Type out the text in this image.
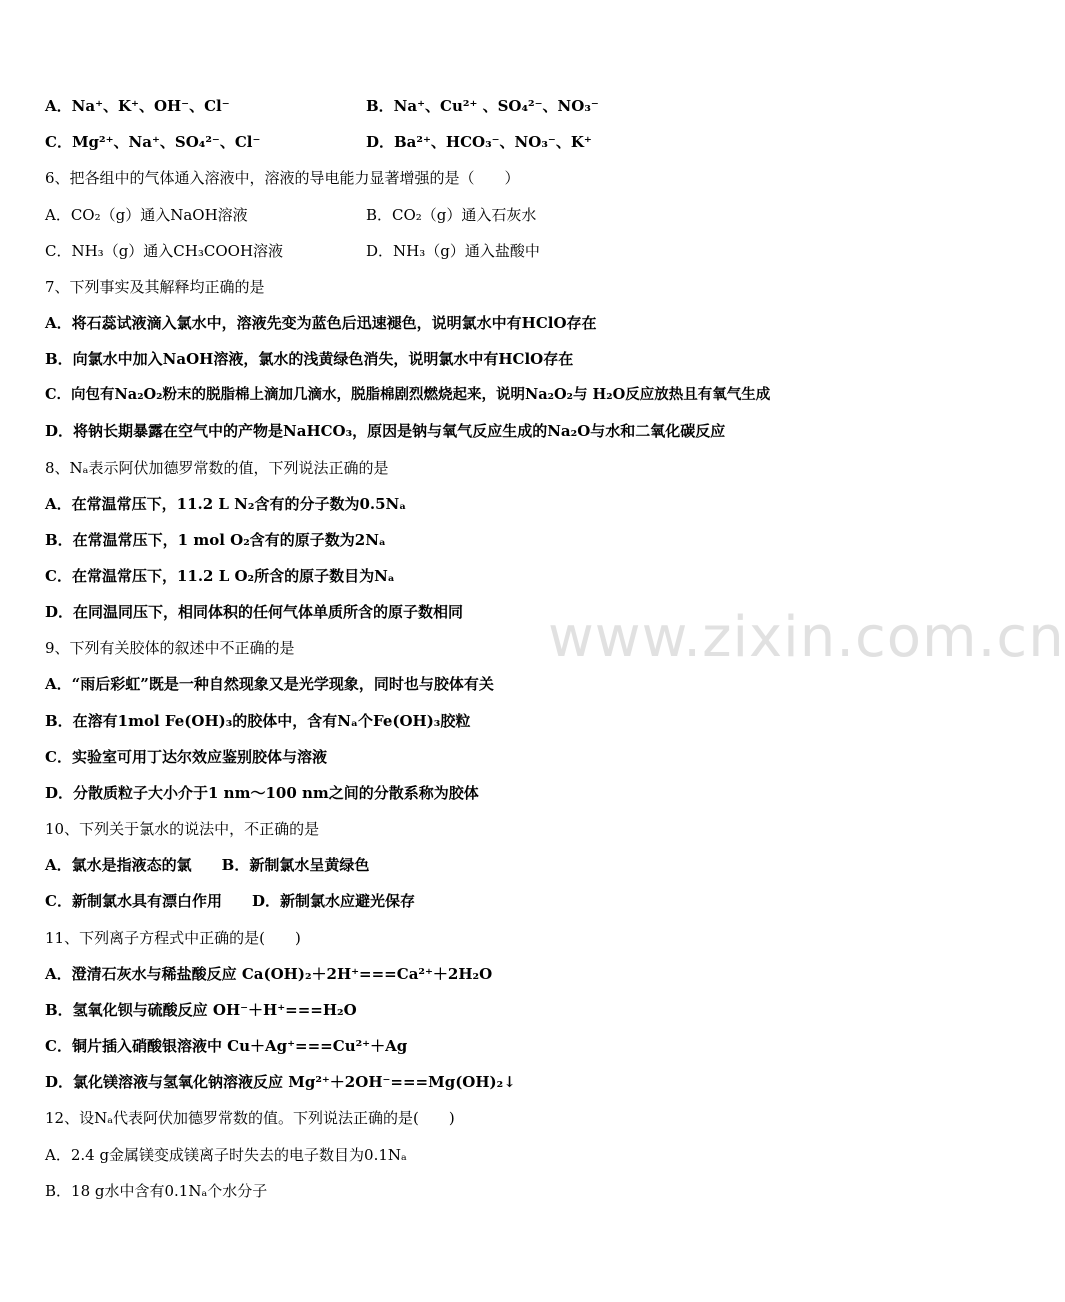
www.zixin.com.cn
A．Na⁺、K⁺、OH⁻、Cl⁻	B．Na⁺、Cu²⁺ 、SO₄²⁻、NO₃⁻
C．Mg²⁺、Na⁺、SO₄²⁻、Cl⁻	D．Ba²⁺、HCO₃⁻、NO₃⁻、K⁺
6、把各组中的气体通入溶液中，溶液的导电能力显著增强的是（　　）
A．CO₂（g）通入NaOH溶液	B．CO₂（g）通入石灰水
C．NH₃（g）通入CH₃COOH溶液	D．NH₃（g）通入盐酸中
7、下列事实及其解释均正确的是
A．将石蕊试液滴入氯水中，溶液先变为蓝色后迅速褪色，说明氯水中有HClO存在
B．向氯水中加入NaOH溶液，氯水的浅黄绿色消失，说明氯水中有HClO存在
C．向包有Na₂O₂粉末的脱脂棉上滴加几滴水，脱脂棉剧烈燃烧起来，说明Na₂O₂与 H₂O反应放热且有氧气生成
D．将钠长期暴露在空气中的产物是NaHCO₃，原因是钠与氧气反应生成的Na₂O与水和二氧化碳反应
8、Nₐ表示阿伏加德罗常数的值，下列说法正确的是
A．在常温常压下，11.2 L N₂含有的分子数为0.5Nₐ
B．在常温常压下，1 mol O₂含有的原子数为2Nₐ
C．在常温常压下，11.2 L O₂所含的原子数目为Nₐ
D．在同温同压下，相同体积的任何气体单质所含的原子数相同
9、下列有关胶体的叙述中不正确的是
A．“雨后彩虹”既是一种自然现象又是光学现象，同时也与胶体有关
B．在溶有1mol Fe(OH)₃的胶体中，含有Nₐ个Fe(OH)₃胶粒
C．实验室可用丁达尔效应鉴别胶体与溶液
D．分散质粒子大小介于1 nm～100 nm之间的分散系称为胶体
10、下列关于氯水的说法中，不正确的是
A．氯水是指液态的氯　　B．新制氯水呈黄绿色
C．新制氯水具有漂白作用　　D．新制氯水应避光保存
11、下列离子方程式中正确的是(　　)
A．澄清石灰水与稀盐酸反应 Ca(OH)₂＋2H⁺===Ca²⁺＋2H₂O
B．氢氧化钡与硫酸反应 OH⁻＋H⁺===H₂O
C．铜片插入硝酸银溶液中 Cu＋Ag⁺===Cu²⁺＋Ag
D．氯化镁溶液与氢氧化钠溶液反应 Mg²⁺＋2OH⁻===Mg(OH)₂↓
12、设Nₐ代表阿伏加德罗常数的值。下列说法正确的是(　　)
A．2.4 g金属镁变成镁离子时失去的电子数目为0.1Nₐ
B．18 g水中含有0.1Nₐ个水分子
